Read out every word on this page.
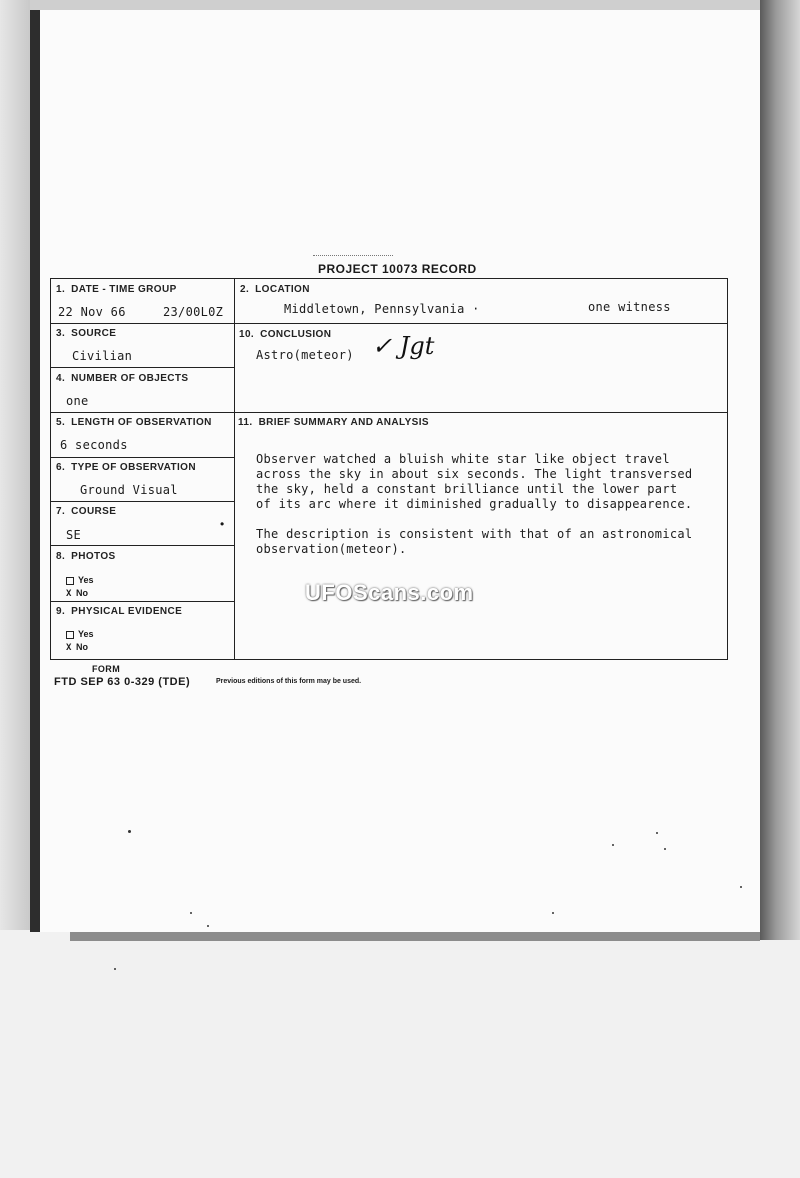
PROJECT 10073 RECORD
1. DATE - TIME GROUP
22 Nov 66	23/00L0Z
2. LOCATION
Middletown, Pennsylvania ·	one witness
3. SOURCE
Civilian
10. CONCLUSION
Astro(meteor) ✓ Jgt
4. NUMBER OF OBJECTS
one
5. LENGTH OF OBSERVATION
6 seconds
11. BRIEF SUMMARY AND ANALYSIS

Observer watched a bluish white star like object travel
across the sky in about six seconds. The light transversed
the sky, held a constant brilliance until the lower part
of its arc where it diminished gradually to disappearence.

The description is consistent with that of an astronomical
observation(meteor).

6. TYPE OF OBSERVATION
Ground Visual
7. COURSE
SE
•
8. PHOTOS
Yes
X No
9. PHYSICAL EVIDENCE
Yes
X No
UFOScans.com
FORM
FTD SEP 63 0-329 (TDE)	Previous editions of this form may be used.
